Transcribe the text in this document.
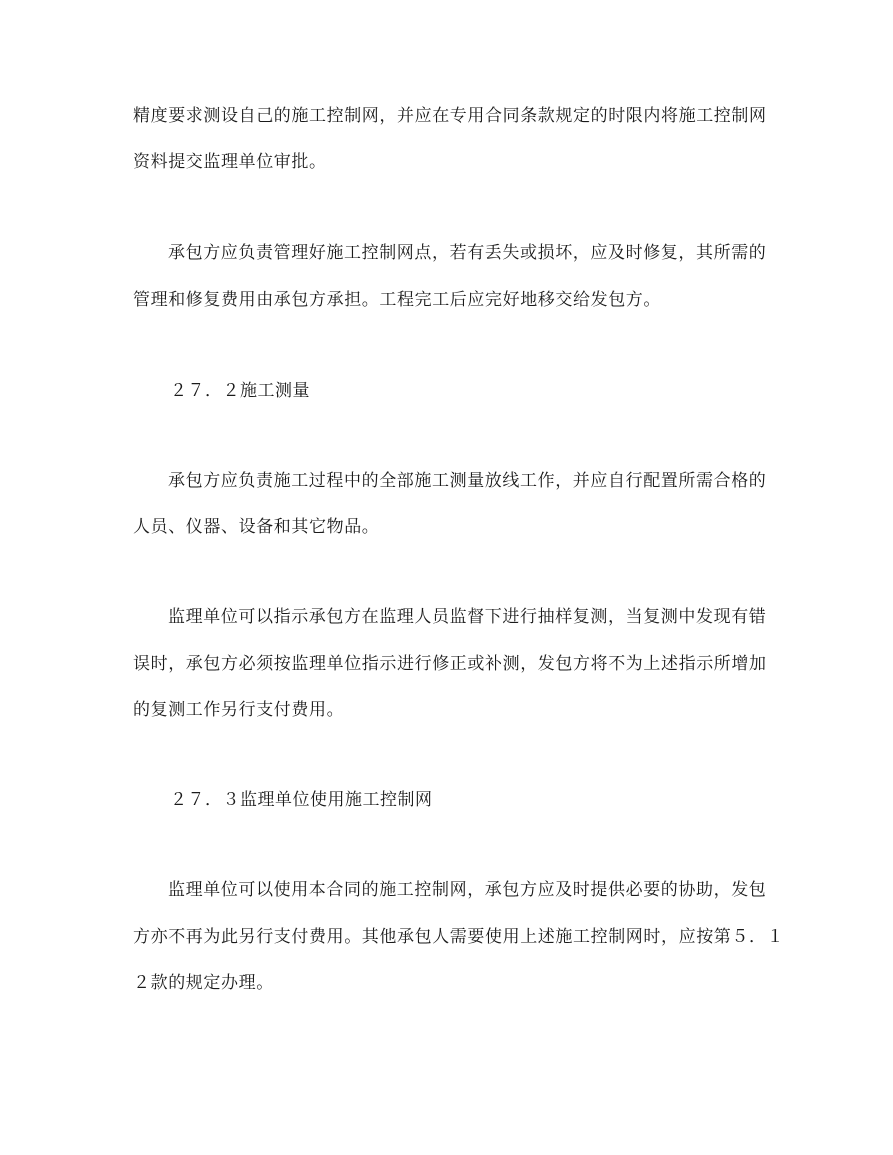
精度要求测设自己的施工控制网，并应在专用合同条款规定的时限内将施工控制网
资料提交监理单位审批。
承包方应负责管理好施工控制网点，若有丢失或损坏，应及时修复，其所需的
管理和修复费用由承包方承担。工程完工后应完好地移交给发包方。
２７．２施工测量
承包方应负责施工过程中的全部施工测量放线工作，并应自行配置所需合格的
人员、仪器、设备和其它物品。
监理单位可以指示承包方在监理人员监督下进行抽样复测，当复测中发现有错
误时，承包方必须按监理单位指示进行修正或补测，发包方将不为上述指示所增加
的复测工作另行支付费用。
２７．３监理单位使用施工控制网
监理单位可以使用本合同的施工控制网，承包方应及时提供必要的协助，发包
方亦不再为此另行支付费用。其他承包人需要使用上述施工控制网时，应按第５．１
２款的规定办理。
